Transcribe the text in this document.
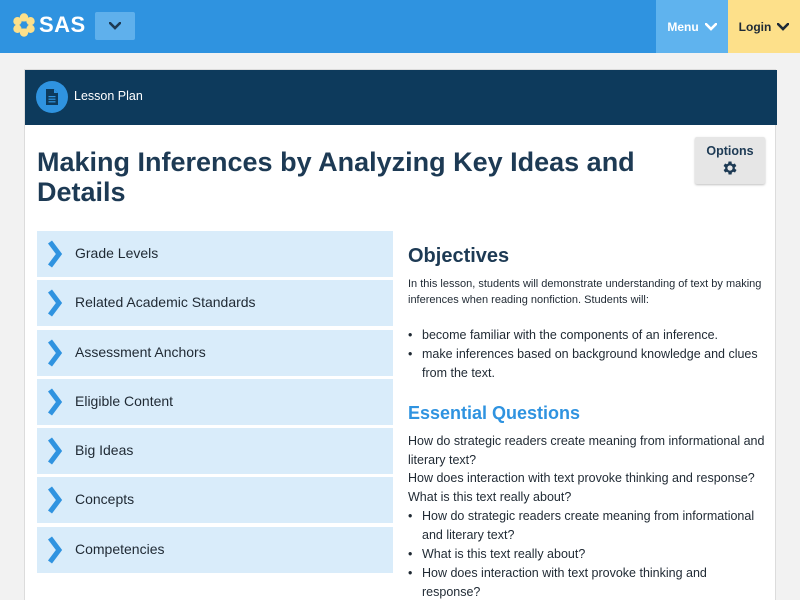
SAS	Menu	Login
Lesson Plan
Making Inferences by Analyzing Key Ideas and Details
Options
Grade Levels
Related Academic Standards
Assessment Anchors
Eligible Content
Big Ideas
Concepts
Competencies
Objectives

In this lesson, students will demonstrate understanding of text by making inferences when reading nonfiction. Students will:

• become familiar with the components of an inference.
• make inferences based on background knowledge and clues from the text.
Essential Questions

How do strategic readers create meaning from informational and literary text?

How does interaction with text provoke thinking and response?

What is this text really about?

• How do strategic readers create meaning from informational and literary text?
• What is this text really about?
• How does interaction with text provoke thinking and response?
